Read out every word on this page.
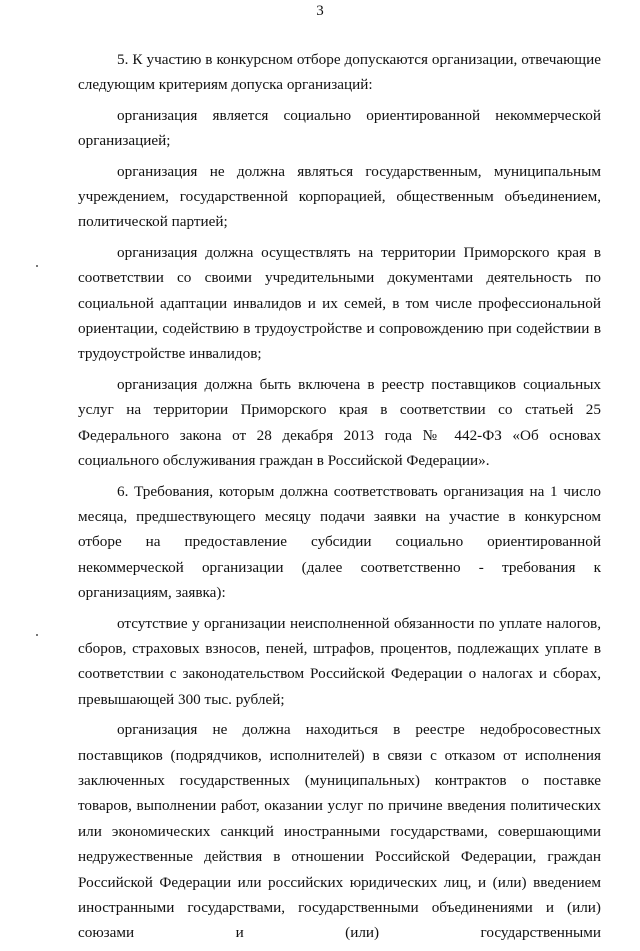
3

5. К участию в конкурсном отборе допускаются организации, отвечающие следующим критериям допуска организаций:

организация является социально ориентированной некоммерческой организацией;

организация не должна являться государственным, муниципальным учреждением, государственной корпорацией, общественным объединением, политической партией;

организация должна осуществлять на территории Приморского края в соответствии со своими учредительными документами деятельность по социальной адаптации инвалидов и их семей, в том числе профессиональной ориентации, содействию в трудоустройстве и сопровождению при содействии в трудоустройстве инвалидов;

организация должна быть включена в реестр поставщиков социальных услуг на территории Приморского края в соответствии со статьей 25 Федерального закона от 28 декабря 2013 года № 442-ФЗ «Об основах социального обслуживания граждан в Российской Федерации».

6. Требования, которым должна соответствовать организация на 1 число месяца, предшествующего месяцу подачи заявки на участие в конкурсном отборе на предоставление субсидии социально ориентированной некоммерческой организации (далее соответственно - требования к организациям, заявка):

отсутствие у организации неисполненной обязанности по уплате налогов, сборов, страховых взносов, пеней, штрафов, процентов, подлежащих уплате в соответствии с законодательством Российской Федерации о налогах и сборах, превышающей 300 тыс. рублей;

организация не должна находиться в реестре недобросовестных поставщиков (подрядчиков, исполнителей) в связи с отказом от исполнения заключенных государственных (муниципальных) контрактов о поставке товаров, выполнении работ, оказании услуг по причине введения политических или экономических санкций иностранными государствами, совершающими недружественные действия в отношении Российской Федерации, граждан Российской Федерации или российских юридических лиц, и (или) введением иностранными государствами, государственными объединениями и (или) союзами и (или) государственными
